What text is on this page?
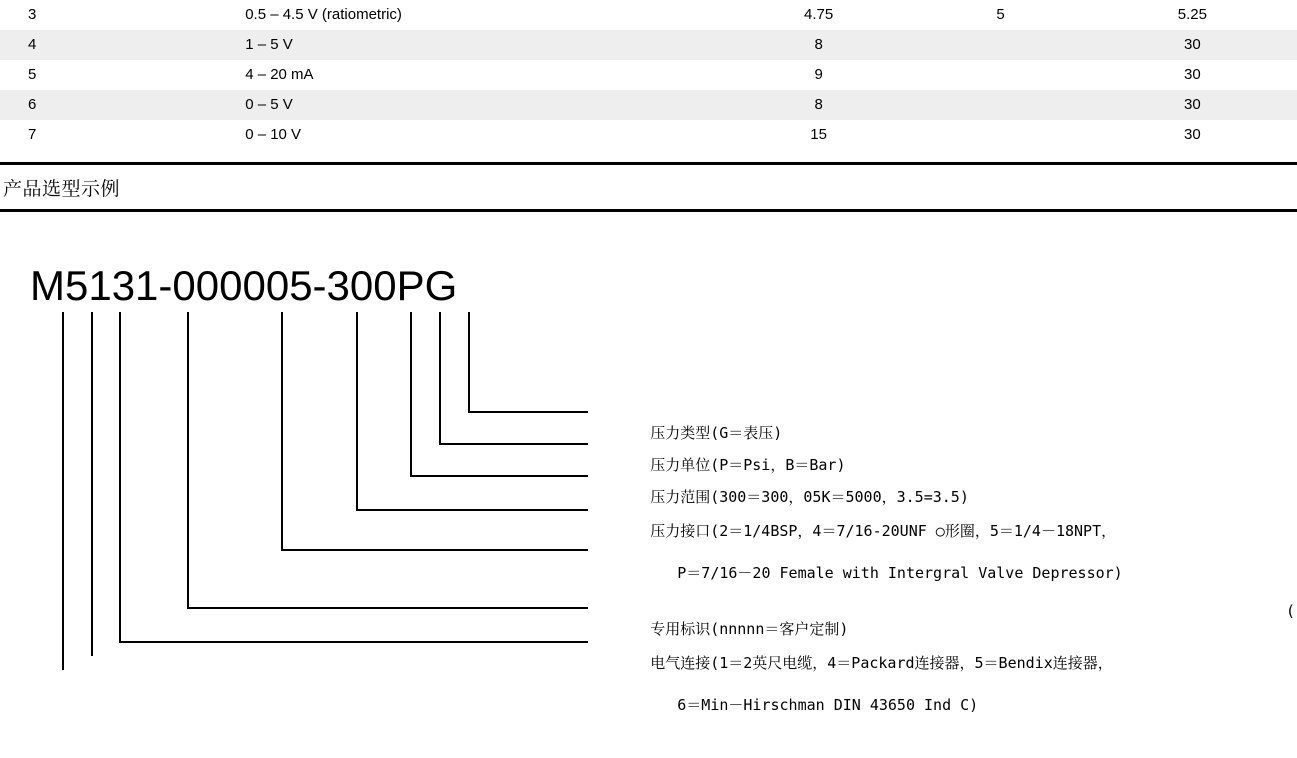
3	0.5 – 4.5 V (ratiometric)	4.75	5	5.25
4	1 – 5 V	8		30
5	4 – 20 mA	9		30
6	0 – 5 V	8		30
7	0 – 10 V	15		30
产品选型示例
M5131-000005-300PG

压力类型(G＝表压)

压力单位(P＝Psi，B＝Bar)

压力范围(300＝300，05K＝5000，3.5=3.5)

压力接口(2＝1/4BSP，4＝7/16-20UNF ○形圈，5＝1/4－18NPT，

P＝7/16－20 Female with Intergral Valve Depressor)

专用标识(nnnnn＝客户定制)

电气连接(1＝2英尺电缆，4＝Packard连接器，5＝Bendix连接器，

6＝Min－Hirschman DIN 43650 Ind C)

(
